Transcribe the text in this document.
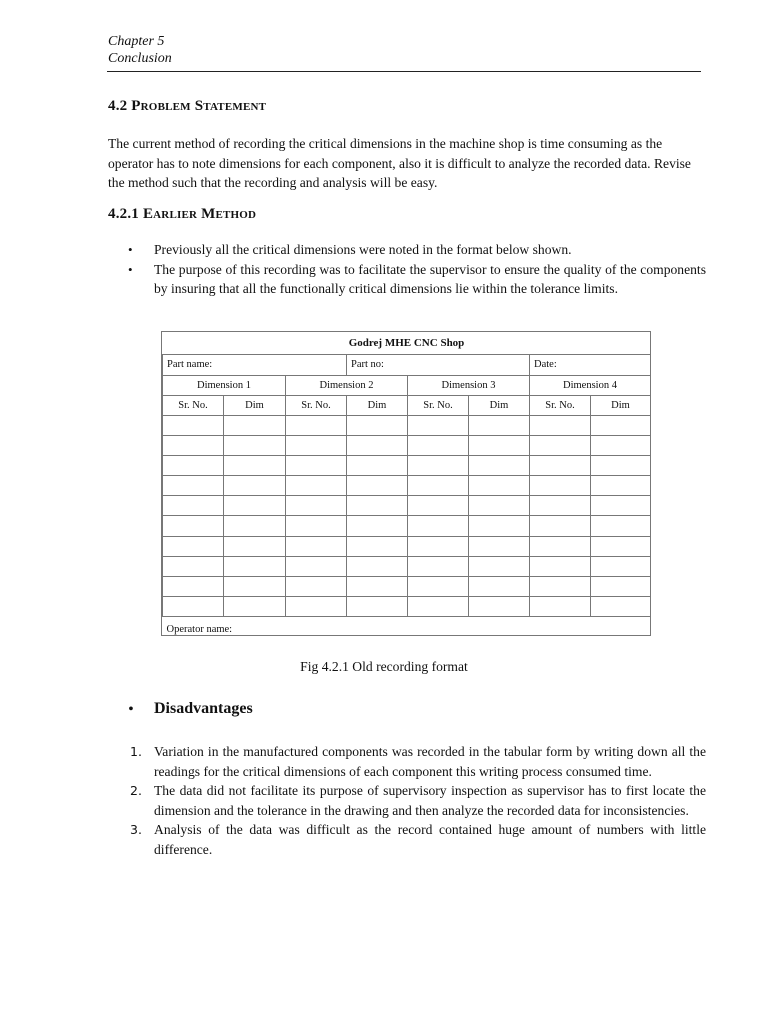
Chapter 5
Conclusion
4.2 Problem Statement

The current method of recording the critical dimensions in the machine shop is time consuming as the operator has to note dimensions for each component, also it is difficult to analyze the recorded data. Revise the method such that the recording and analysis will be easy.

4.2.1 Earlier Method
• Previously all the critical dimensions were noted in the format below shown.
• The purpose of this recording was to facilitate the supervisor to ensure the quality of the components by insuring that all the functionally critical dimensions lie within the tolerance limits.
Godrej MHE CNC Shop							
Part name:			Part no:			Date:	
Dimension 1		Dimension 2		Dimension 3		Dimension 4	
Sr. No.	Dim	Sr. No.	Dim	Sr. No.	Dim	Sr. No.	Dim

Operator name:							
Fig 4.2.1 Old recording format
• Disadvantages
1. Variation in the manufactured components was recorded in the tabular form by writing down all the readings for the critical dimensions of each component this writing process consumed time.
2. The data did not facilitate its purpose of supervisory inspection as supervisor has to first locate the dimension and the tolerance in the drawing and then analyze the recorded data for inconsistencies.
3. Analysis of the data was difficult as the record contained huge amount of numbers with little difference.
